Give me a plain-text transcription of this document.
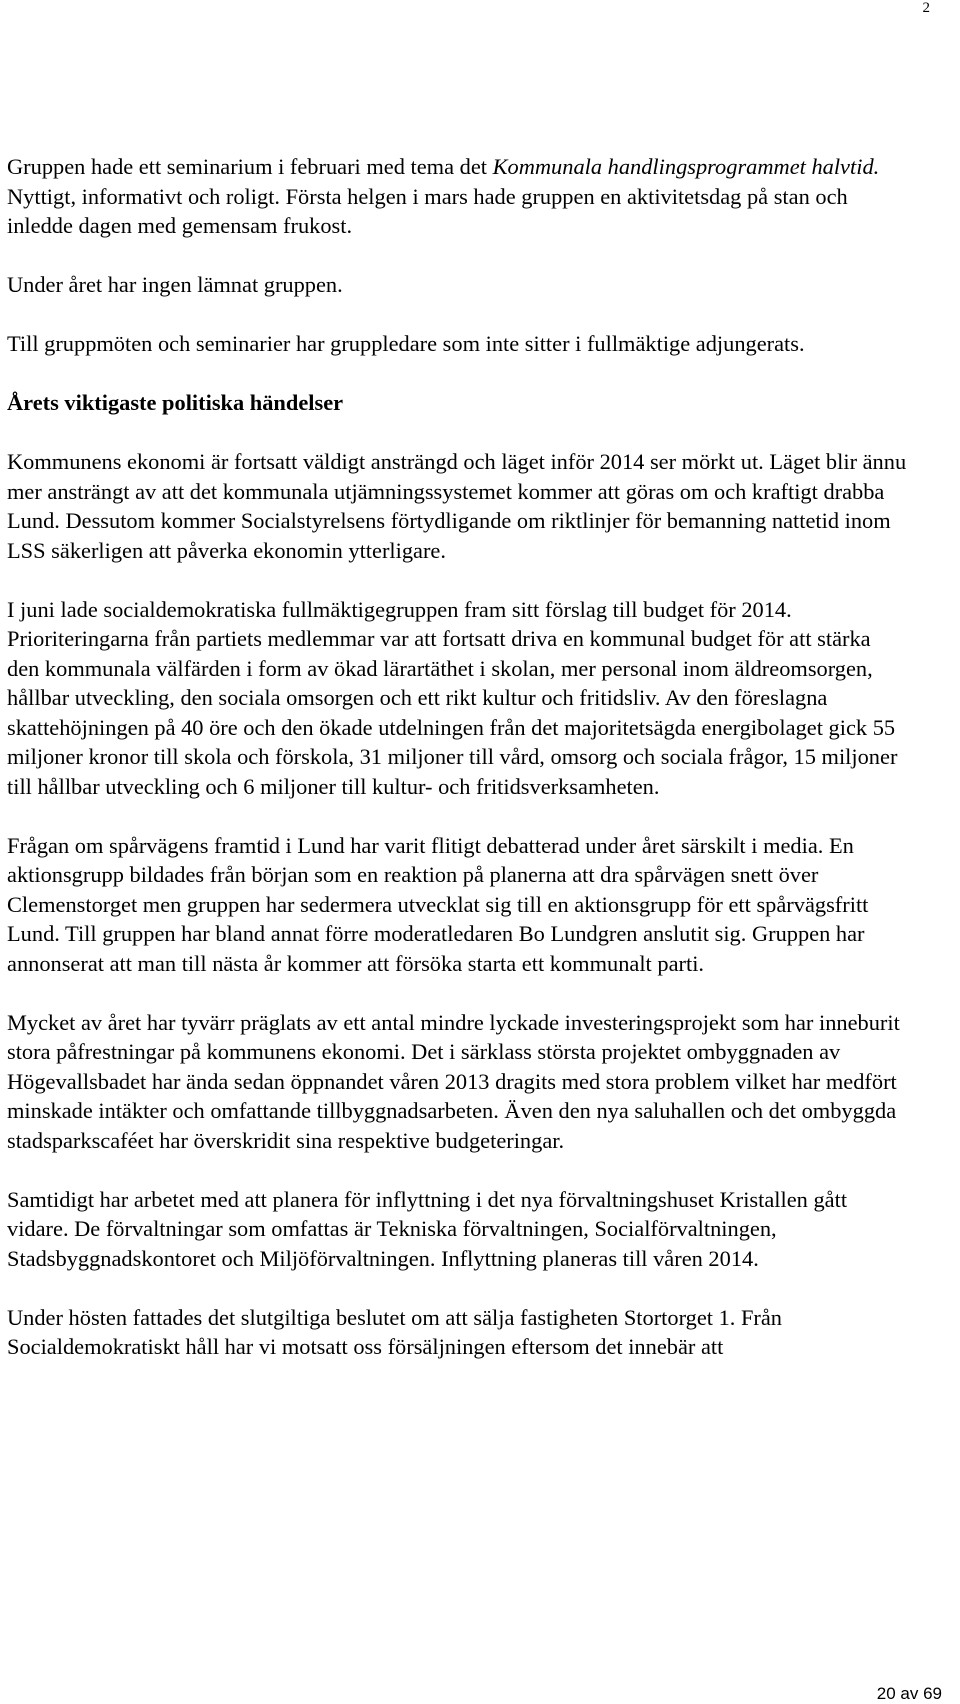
2

Gruppen hade ett seminarium i februari med tema det Kommunala handlingsprogrammet halvtid. Nyttigt, informativt och roligt. Första helgen i mars hade gruppen en aktivitetsdag på stan och inledde dagen med gemensam frukost.

Under året har ingen lämnat gruppen.

Till gruppmöten och seminarier har gruppledare som inte sitter i fullmäktige adjungerats.

Årets viktigaste politiska händelser

Kommunens ekonomi är fortsatt väldigt ansträngd och läget inför 2014 ser mörkt ut. Läget blir ännu mer ansträngt av att det kommunala utjämningssystemet kommer att göras om och kraftigt drabba Lund. Dessutom kommer Socialstyrelsens förtydligande om riktlinjer för bemanning nattetid inom LSS säkerligen att påverka ekonomin ytterligare.

I juni lade socialdemokratiska fullmäktigegruppen fram sitt förslag till budget för 2014. Prioriteringarna från partiets medlemmar var att fortsatt driva en kommunal budget för att stärka den kommunala välfärden i form av ökad lärartäthet i skolan, mer personal inom äldreomsorgen, hållbar utveckling, den sociala omsorgen och ett rikt kultur och fritidsliv. Av den föreslagna skattehöjningen på 40 öre och den ökade utdelningen från det majoritetsägda energibolaget gick 55 miljoner kronor till skola och förskola, 31 miljoner till vård, omsorg och sociala frågor, 15 miljoner till hållbar utveckling och 6 miljoner till kultur- och fritidsverksamheten.

Frågan om spårvägens framtid i Lund har varit flitigt debatterad under året särskilt i media. En aktionsgrupp bildades från början som en reaktion på planerna att dra spårvägen snett över Clemenstorget men gruppen har sedermera utvecklat sig till en aktionsgrupp för ett spårvägsfritt Lund. Till gruppen har bland annat förre moderatledaren Bo Lundgren anslutit sig. Gruppen har annonserat att man till nästa år kommer att försöka starta ett kommunalt parti.

Mycket av året har tyvärr präglats av ett antal mindre lyckade investeringsprojekt som har inneburit stora påfrestningar på kommunens ekonomi. Det i särklass största projektet ombyggnaden av Högevallsbadet har ända sedan öppnandet våren 2013 dragits med stora problem vilket har medfört minskade intäkter och omfattande tillbyggnadsarbeten. Även den nya saluhallen och det ombyggda stadsparkscaféet har överskridit sina respektive budgeteringar.

Samtidigt har arbetet med att planera för inflyttning i det nya förvaltningshuset Kristallen gått vidare. De förvaltningar som omfattas är Tekniska förvaltningen, Socialförvaltningen, Stadsbyggnadskontoret och Miljöförvaltningen. Inflyttning planeras till våren 2014.

Under hösten fattades det slutgiltiga beslutet om att sälja fastigheten Stortorget 1. Från Socialdemokratiskt håll har vi motsatt oss försäljningen eftersom det innebär att

20 av 69
